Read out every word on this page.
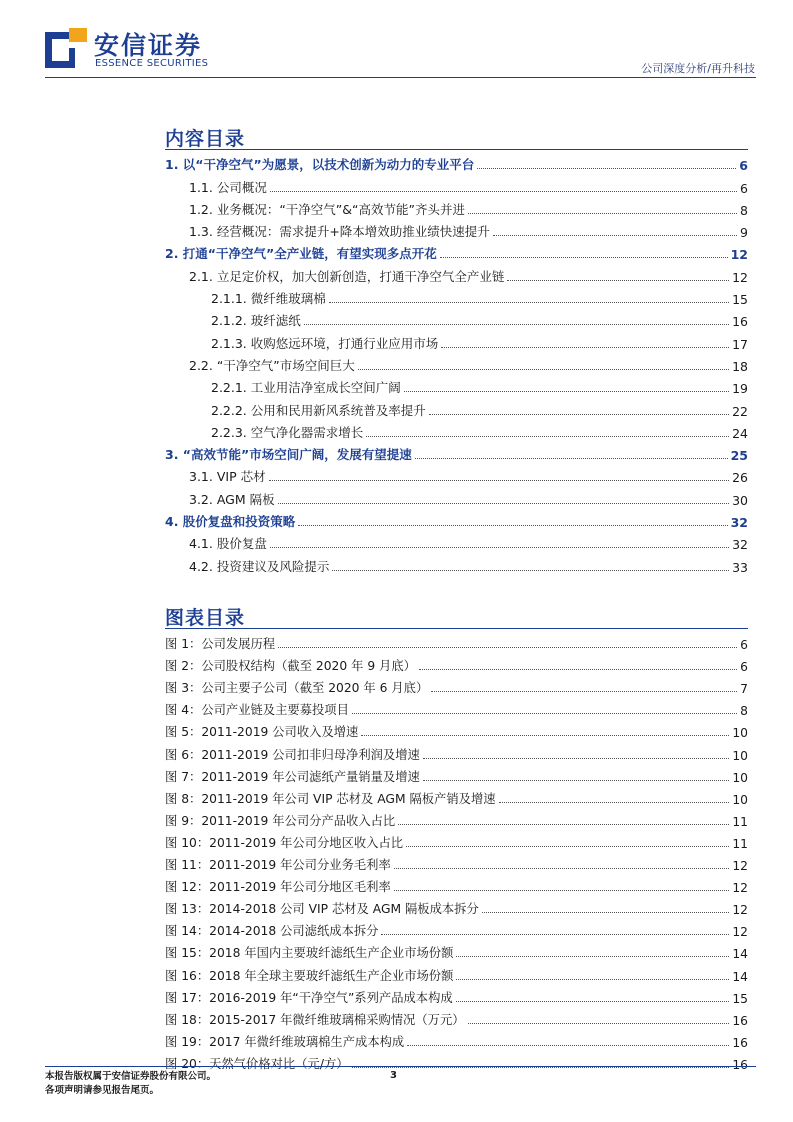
安信证券
ESSENCE SECURITIES	公司深度分析/再升科技
内容目录
1. 以“干净空气”为愿景，以技术创新为动力的专业平台	6
1.1. 公司概况	6
1.2. 业务概况：“干净空气”&“高效节能”齐头并进	8
1.3. 经营概况：需求提升+降本增效助推业绩快速提升	9
2. 打通“干净空气”全产业链，有望实现多点开花	12
2.1. 立足定价权，加大创新创造，打通干净空气全产业链	12
2.1.1. 微纤维玻璃棉	15
2.1.2. 玻纤滤纸	16
2.1.3. 收购悠远环境，打通行业应用市场	17
2.2. “干净空气”市场空间巨大	18
2.2.1. 工业用洁净室成长空间广阔	19
2.2.2. 公用和民用新风系统普及率提升	22
2.2.3. 空气净化器需求增长	24
3. “高效节能”市场空间广阔，发展有望提速	25
3.1. VIP 芯材	26
3.2. AGM 隔板	30
4. 股价复盘和投资策略	32
4.1. 股价复盘	32
4.2. 投资建议及风险提示	33
图表目录
图 1：公司发展历程	6
图 2：公司股权结构（截至 2020 年 9 月底）	6
图 3：公司主要子公司（截至 2020 年 6 月底）	7
图 4：公司产业链及主要募投项目	8
图 5：2011-2019 公司收入及增速	10
图 6：2011-2019 公司扣非归母净利润及增速	10
图 7：2011-2019 年公司滤纸产量销量及增速	10
图 8：2011-2019 年公司 VIP 芯材及 AGM 隔板产销及增速	10
图 9：2011-2019 年公司分产品收入占比	11
图 10：2011-2019 年公司分地区收入占比	11
图 11：2011-2019 年公司分业务毛利率	12
图 12：2011-2019 年公司分地区毛利率	12
图 13：2014-2018 公司 VIP 芯材及 AGM 隔板成本拆分	12
图 14：2014-2018 公司滤纸成本拆分	12
图 15：2018 年国内主要玻纤滤纸生产企业市场份额	14
图 16：2018 年全球主要玻纤滤纸生产企业市场份额	14
图 17：2016-2019 年“干净空气”系列产品成本构成	15
图 18：2015-2017 年微纤维玻璃棉采购情况（万元）	16
图 19：2017 年微纤维玻璃棉生产成本构成	16
图 20：天然气价格对比（元/方）	16
本报告版权属于安信证券股份有限公司。
各项声明请参见报告尾页。
3
